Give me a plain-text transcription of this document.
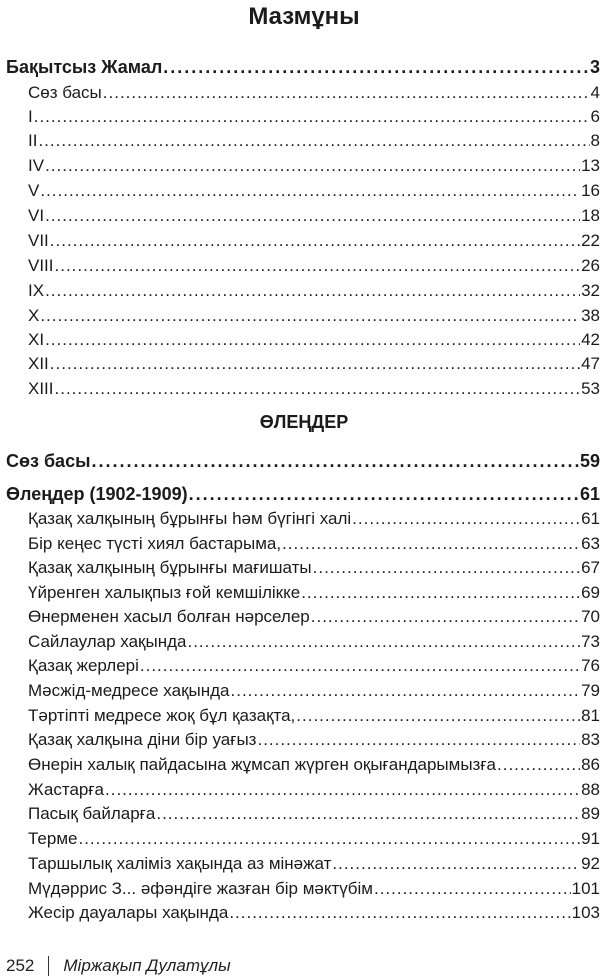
Мазмұны
Бақытсыз Жамал .....	3
Сөз басы .....	4
I .....	6
II .....	8
IV .....	13
V .....	16
VI .....	18
VII .....	22
VIII .....	26
IX .....	32
X .....	38
XI .....	42
XII .....	47
XIII .....	53
ӨЛЕҢДЕР
Сөз басы .....	59
Өлеңдер (1902-1909) .....	61
Қазақ халқының бұрынғы һәм бүгінгі халі .....	61
Бір кеңес түсті хиял бастарыма, .....	63
Қазақ халқының бұрынғы мағишаты .....	67
Үйренген халықпыз ғой кемшілікке .....	69
Өнерменен хасыл болған нәрселер .....	70
Сайлаулар хақында .....	73
Қазақ жерлері .....	76
Мәсжід-медресе хақында .....	79
Тәртіпті медресе жоқ бұл қазақта, .....	81
Қазақ халқына діни бір уағыз .....	83
Өнерін халық пайдасына жұмсап жүрген оқығандарымызға .....	86
Жастарға .....	88
Пасық байларға .....	89
Терме .....	91
Таршылық халіміз хақында аз мінәжат .....	92
Мүдәррис З... әфәндіге жазған бір мәктүбім .....	101
Жесір дауалары хақында .....	103
252 Міржақып Дулатұлы
